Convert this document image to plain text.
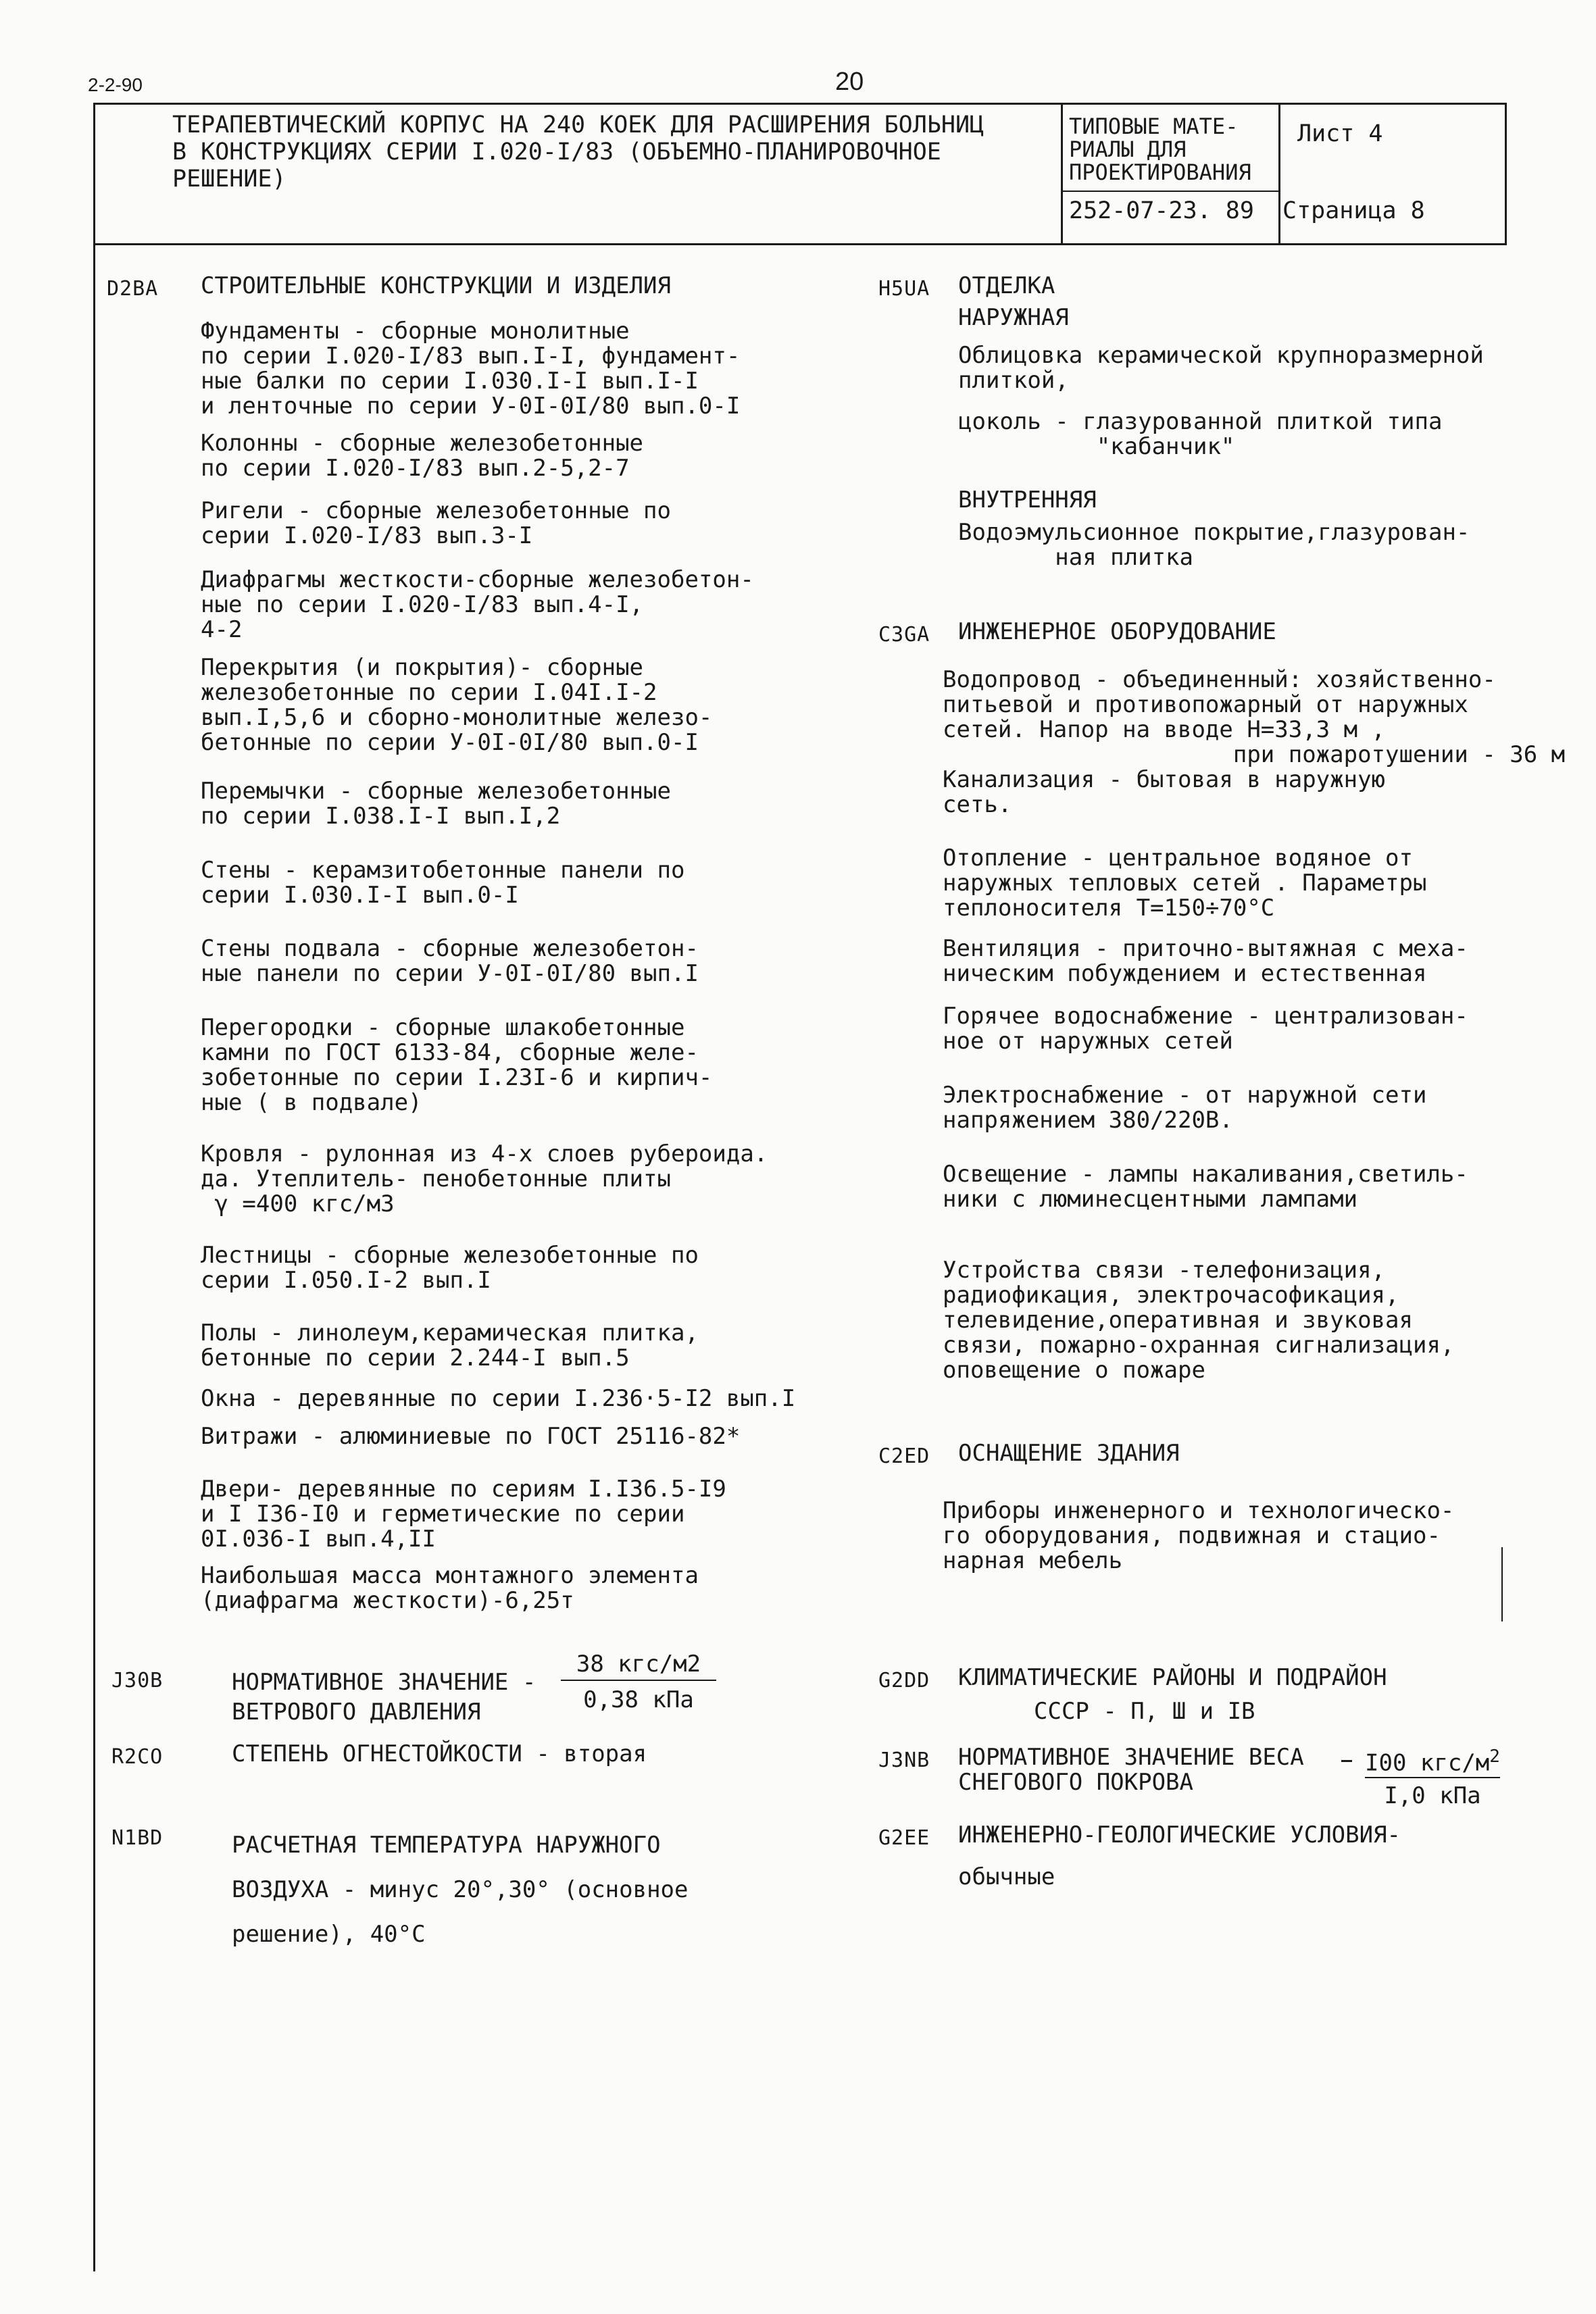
2-2-90	20
ТЕРАПЕВТИЧЕСКИЙ КОРПУС НА 240 КОЕК ДЛЯ РАСШИРЕНИЯ БОЛЬНИЦ
В КОНСТРУКЦИЯХ СЕРИИ I.020-I/83 (ОБЪЕМНО-ПЛАНИРОВОЧНОЕ
РЕШЕНИЕ)
ТИПОВЫЕ МАТЕ-
РИАЛЫ ДЛЯ
ПРОЕКТИРОВАНИЯ
252-07-23. 89
Лист 4
Страница 8
D2BA СТРОИТЕЛЬНЫЕ КОНСТРУКЦИИ И ИЗДЕЛИЯ
Фундаменты - сборные монолитные
по серии I.020-I/83 вып.I-I, фундамент-
ные балки по серии I.030.I-I вып.I-I
и ленточные по серии У-0I-0I/80 вып.0-I
Колонны - сборные железобетонные
по серии I.020-I/83 вып.2-5,2-7
Ригели - сборные железобетонные по
серии I.020-I/83 вып.3-I
Диафрагмы жесткости-сборные железобетон-
ные по серии I.020-I/83 вып.4-I,
4-2
Перекрытия (и покрытия)- сборные
железобетонные по серии I.04I.I-2
вып.I,5,6 и сборно-монолитные железо-
бетонные по серии У-0I-0I/80 вып.0-I
Перемычки - сборные железобетонные
по серии I.038.I-I вып.I,2
Стены - керамзитобетонные панели по
серии I.030.I-I вып.0-I
Стены подвала - сборные железобетон-
ные панели по серии У-0I-0I/80 вып.I
Перегородки - сборные шлакобетонные
камни по ГОСТ 6133-84, сборные желе-
зобетонные по серии I.23I-6 и кирпич-
ные ( в подвале)
Кровля - рулонная из 4-х слоев рубероида.
да. Утеплитель- пенобетонные плиты
γ =400 кгс/м3
Лестницы - сборные железобетонные по
серии I.050.I-2 вып.I
Полы - линолеум,керамическая плитка,
бетонные по серии 2.244-I вып.5
Окна - деревянные по серии I.236·5-I2 вып.I
Витражи - алюминиевые по ГОСТ 25116-82*
Двери- деревянные по сериям I.I36.5-I9
и I I36-I0 и герметические по серии
0I.036-I вып.4,II
Наибольшая масса монтажного элемента
(диафрагма жесткости)-6,25т
J30B	НОРМАТИВНОЕ ЗНАЧЕНИЕ -
ВЕТРОВОГО ДАВЛЕНИЯ
38 кгс/м2
0,38 кПа
R2CO	СТЕПЕНЬ ОГНЕСТОЙКОСТИ - вторая
N1BD	РАСЧЕТНАЯ ТЕМПЕРАТУРА НАРУЖНОГО
ВОЗДУХА - минус 20°,30° (основное
решение), 40°С
H5UA ОТДЕЛКА
НАРУЖНАЯ
Облицовка керамической крупноразмерной
плиткой,
цоколь - глазурованной плиткой типа
"кабанчик"
ВНУТРЕННЯЯ
Водоэмульсионное покрытие,глазурован-
ная плитка
C3GA ИНЖЕНЕРНОЕ ОБОРУДОВАНИЕ
Водопровод - объединенный: хозяйственно-
питьевой и противопожарный от наружных
сетей. Напор на вводе Н=33,3 м ,
при пожаротушении - 36 м
Канализация - бытовая в наружную
сеть.
Отопление - центральное водяное от
наружных тепловых сетей . Параметры
теплоносителя Т=150÷70°С
Вентиляция - приточно-вытяжная с меха-
ническим побуждением и естественная
Горячее водоснабжение - централизован-
ное от наружных сетей
Электроснабжение - от наружной сети
напряжением 380/220В.
Освещение - лампы накаливания,светиль-
ники с люминесцентными лампами
Устройства связи -телефонизация,
радиофикация, электрочасофикация,
телевидение,оперативная и звуковая
связи, пожарно-охранная сигнализация,
оповещение о пожаре
C2ED ОСНАЩЕНИЕ ЗДАНИЯ
Приборы инженерного и технологическо-
го оборудования, подвижная и стацио-
нарная мебель
G2DD КЛИМАТИЧЕСКИЕ РАЙОНЫ И ПОДРАЙОН
СССР - П, Ш и IВ
J3NB НОРМАТИВНОЕ ЗНАЧЕНИЕ ВЕСА
СНЕГОВОГО ПОКРОВА
I00 кгс/$м^2$
I,0 кПа
G2EE ИНЖЕНЕРНО-ГЕОЛОГИЧЕСКИЕ УСЛОВИЯ-
обычные
